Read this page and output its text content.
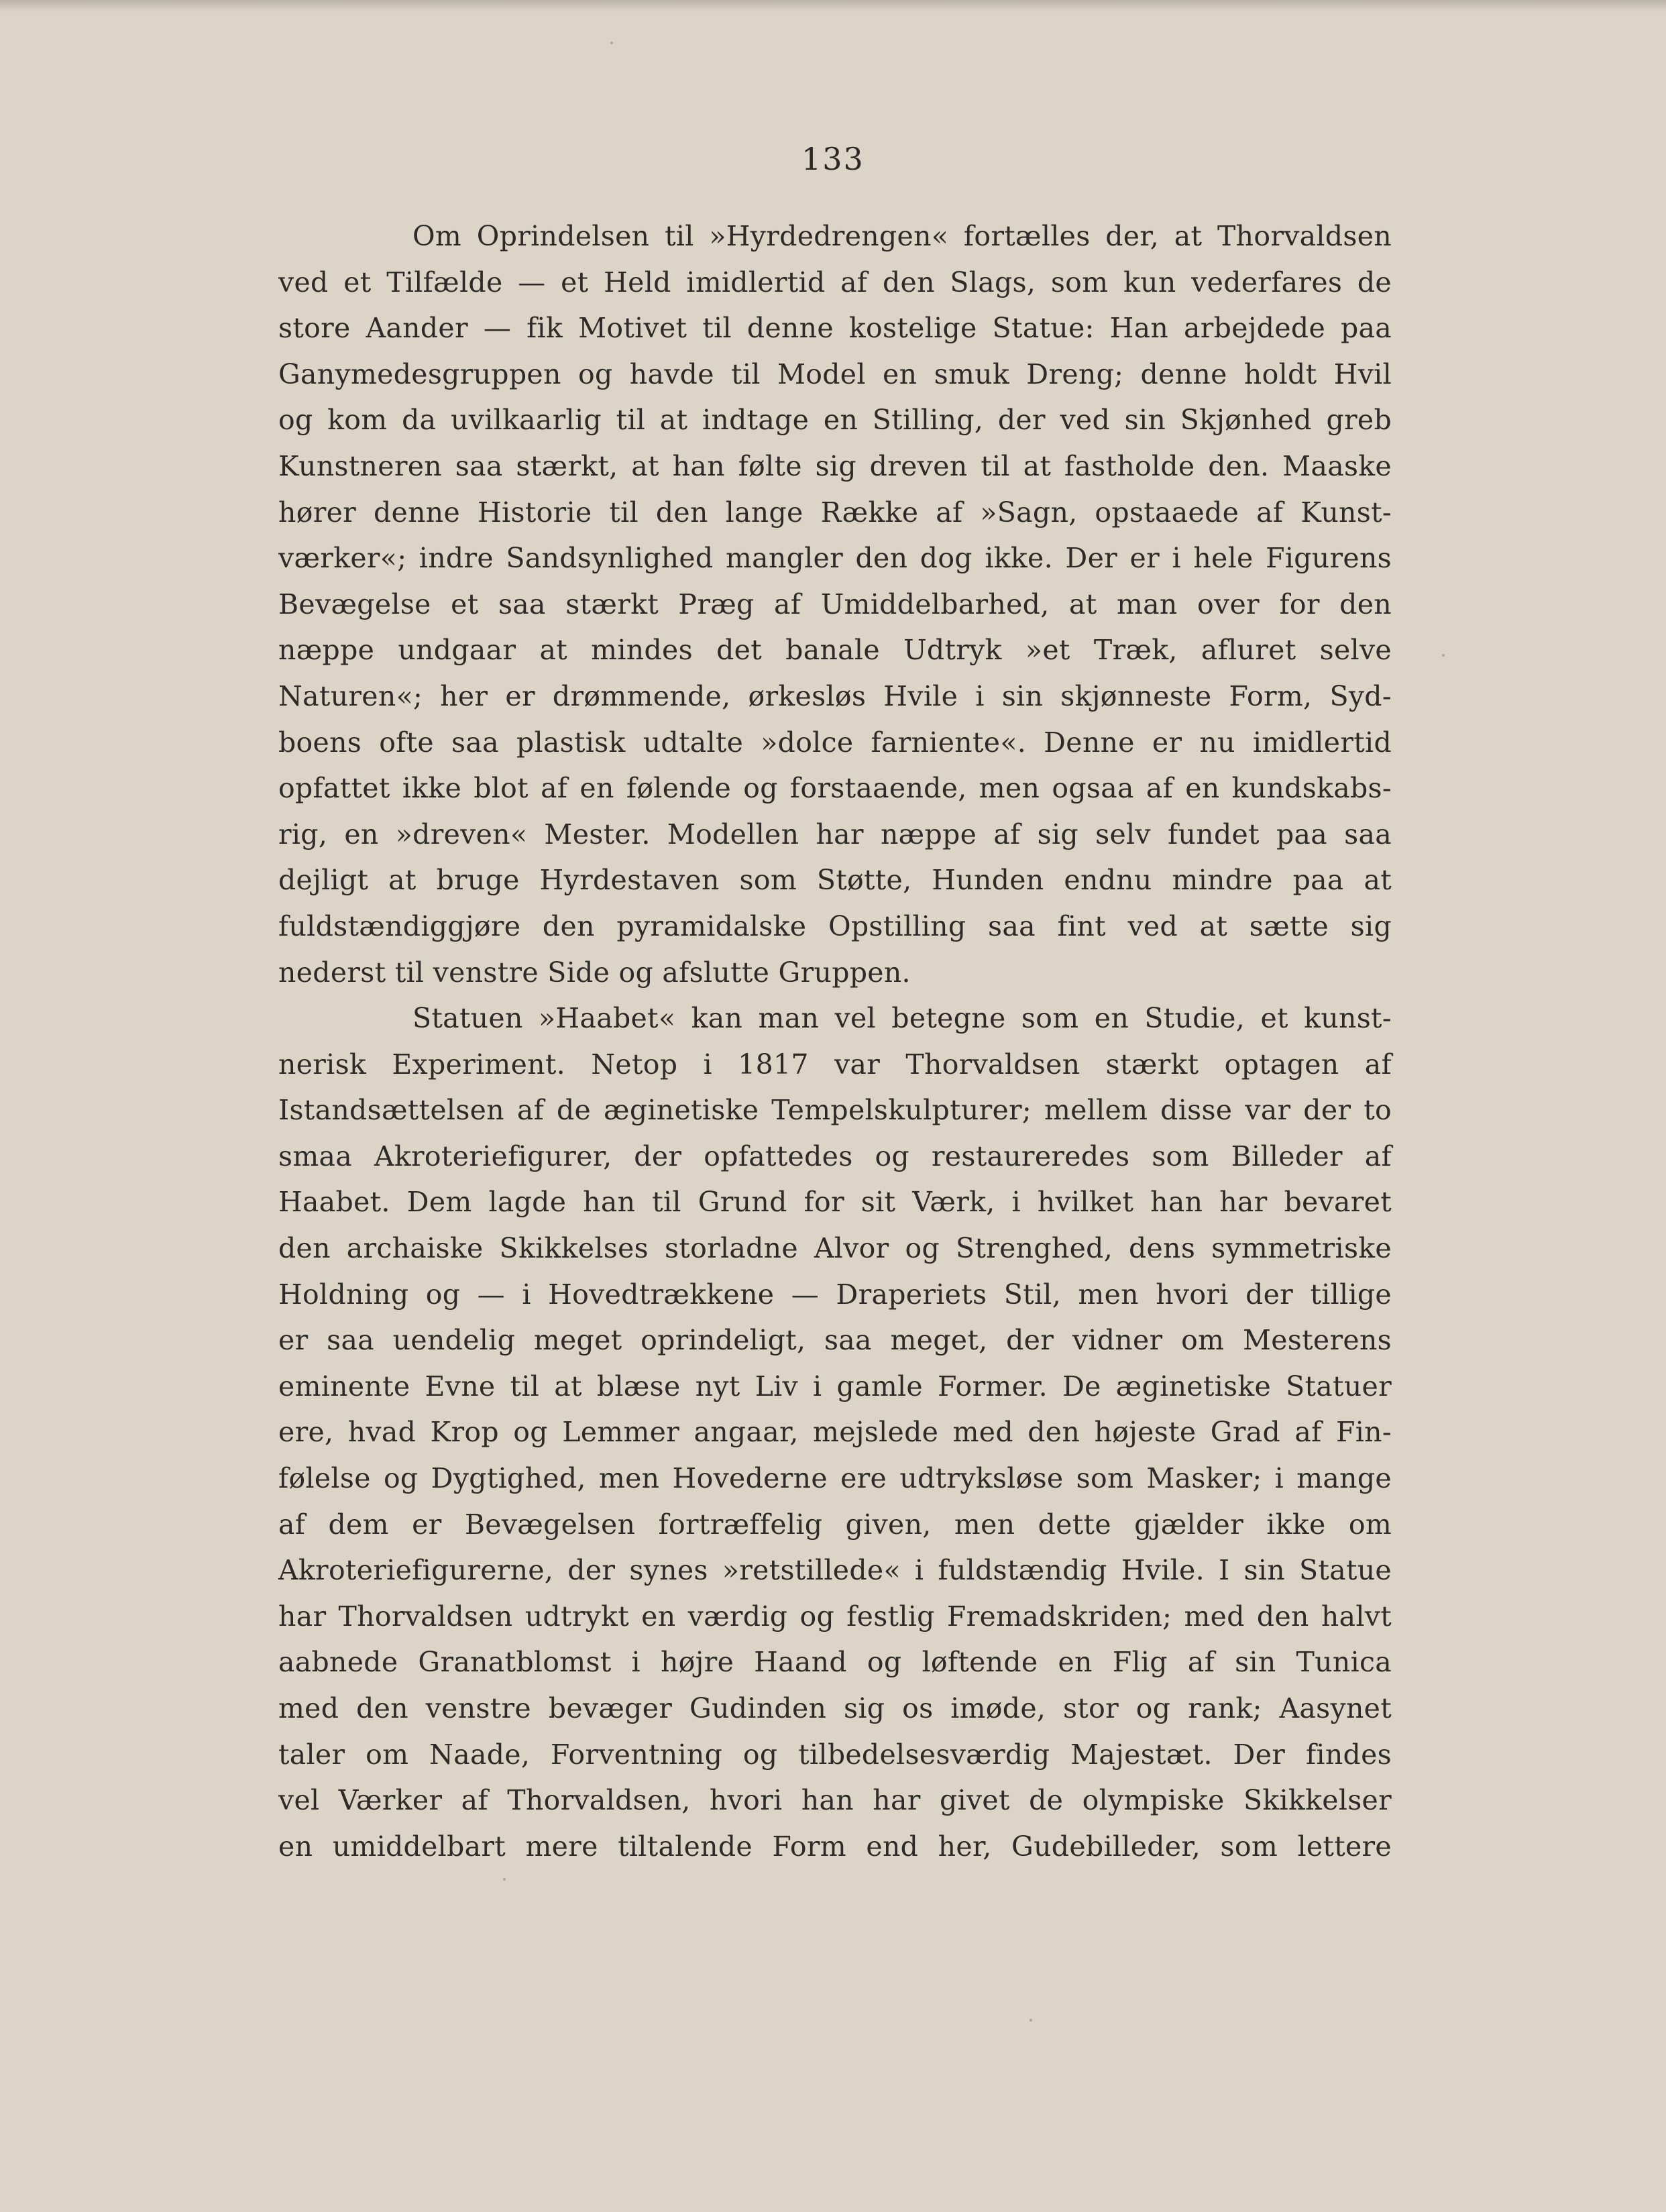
133
Om Oprindelsen til »Hyrdedrengen« fortælles der, at Thorvaldsen
ved et Tilfælde — et Held imidlertid af den Slags, som kun vederfares de
store Aander — fik Motivet til denne kostelige Statue: Han arbejdede paa
Ganymedesgruppen og havde til Model en smuk Dreng; denne holdt Hvil
og kom da uvilkaarlig til at indtage en Stilling, der ved sin Skjønhed greb
Kunstneren saa stærkt, at han følte sig dreven til at fastholde den. Maaske
hører denne Historie til den lange Række af »Sagn, opstaaede af Kunst-
værker«; indre Sandsynlighed mangler den dog ikke. Der er i hele Figurens
Bevægelse et saa stærkt Præg af Umiddelbarhed, at man over for den
næppe undgaar at mindes det banale Udtryk »et Træk, afluret selve
Naturen«; her er drømmende, ørkesløs Hvile i sin skjønneste Form, Syd-
boens ofte saa plastisk udtalte »dolce farniente«. Denne er nu imidlertid
opfattet ikke blot af en følende og forstaaende, men ogsaa af en kundskabs-
rig, en »dreven« Mester. Modellen har næppe af sig selv fundet paa saa
dejligt at bruge Hyrdestaven som Støtte, Hunden endnu mindre paa at
fuldstændiggjøre den pyramidalske Opstilling saa fint ved at sætte sig
nederst til venstre Side og afslutte Gruppen.
Statuen »Haabet« kan man vel betegne som en Studie, et kunst-
nerisk Experiment. Netop i 1817 var Thorvaldsen stærkt optagen af
Istandsættelsen af de æginetiske Tempelskulpturer; mellem disse var der to
smaa Akroteriefigurer, der opfattedes og restaureredes som Billeder af
Haabet. Dem lagde han til Grund for sit Værk, i hvilket han har bevaret
den archaiske Skikkelses storladne Alvor og Strenghed, dens symmetriske
Holdning og — i Hovedtrækkene — Draperiets Stil, men hvori der tillige
er saa uendelig meget oprindeligt, saa meget, der vidner om Mesterens
eminente Evne til at blæse nyt Liv i gamle Former. De æginetiske Statuer
ere, hvad Krop og Lemmer angaar, mejslede med den højeste Grad af Fin-
følelse og Dygtighed, men Hovederne ere udtryksløse som Masker; i mange
af dem er Bevægelsen fortræffelig given, men dette gjælder ikke om
Akroteriefigurerne, der synes »retstillede« i fuldstændig Hvile. I sin Statue
har Thorvaldsen udtrykt en værdig og festlig Fremadskriden; med den halvt
aabnede Granatblomst i højre Haand og løftende en Flig af sin Tunica
med den venstre bevæger Gudinden sig os imøde, stor og rank; Aasynet
taler om Naade, Forventning og tilbedelsesværdig Majestæt. Der findes
vel Værker af Thorvaldsen, hvori han har givet de olympiske Skikkelser
en umiddelbart mere tiltalende Form end her, Gudebilleder, som lettere
